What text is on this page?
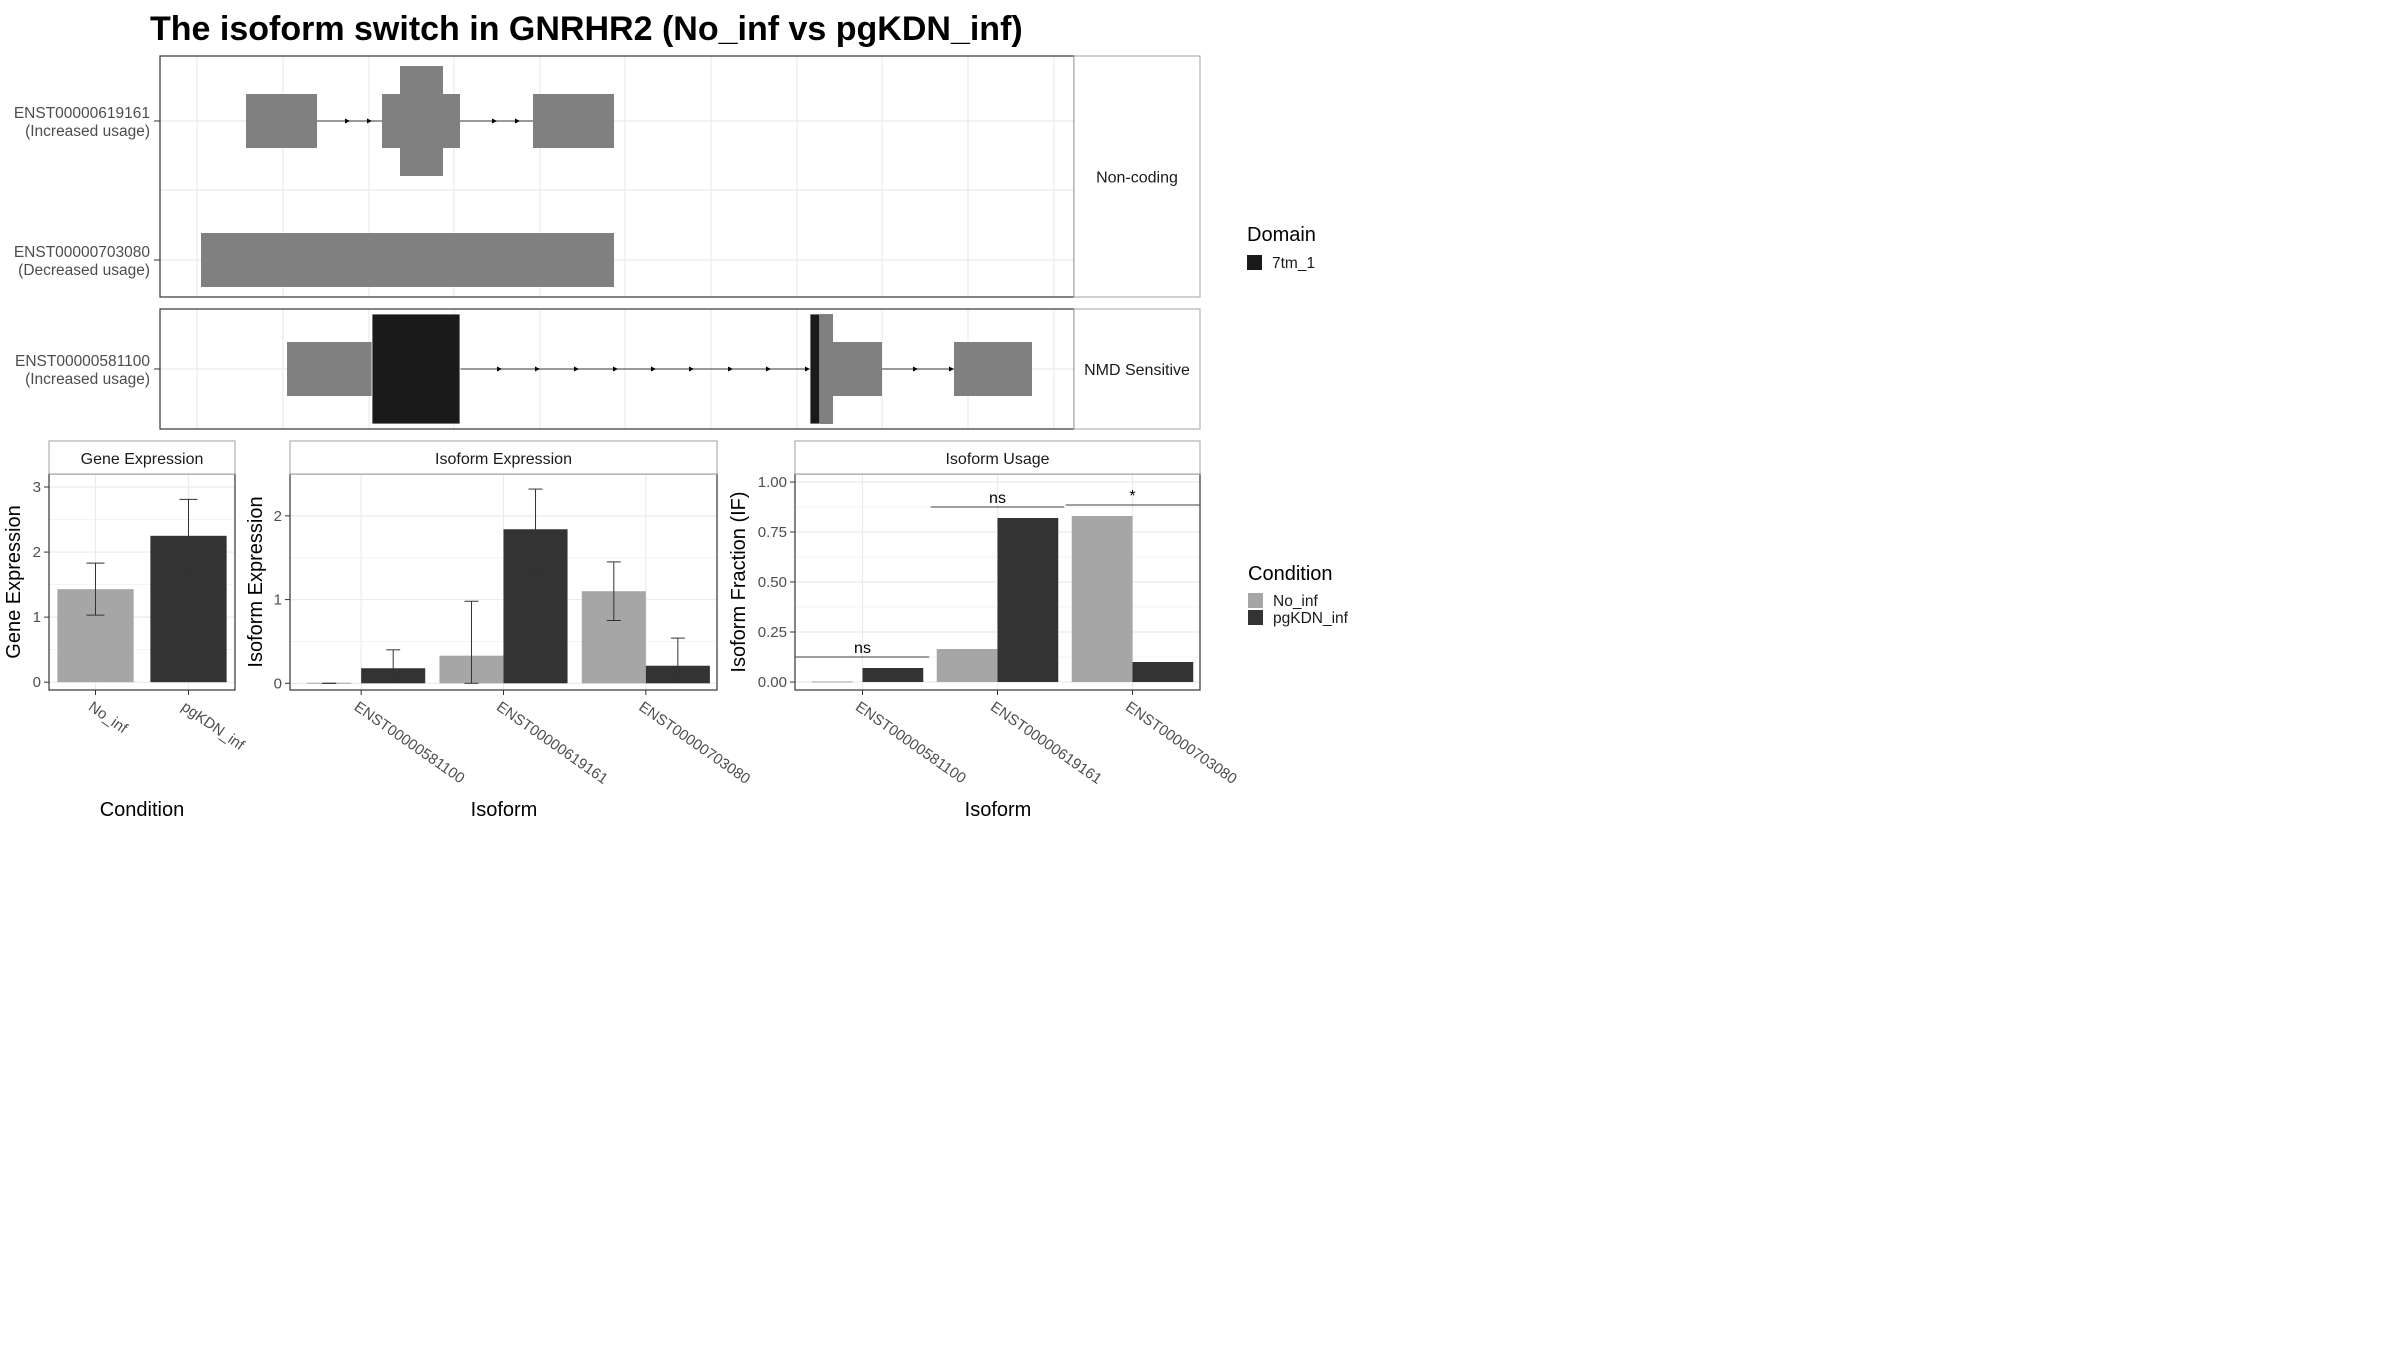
The isoform switch in GNRHR2 (No_inf vs pgKDN_inf)
ENST00000619161
(Increased usage)
ENST00000703080
(Decreased usage)
Non-coding
ENST00000581100
(Increased usage)
NMD Sensitive
Domain
7tm_1
Condition
No_inf
pgKDN_inf
Gene Expression
0
1
2
3
No_inf	pgKDN_inf
Condition
Gene Expression
Isoform Expression
0
1
2
ENST00000581100 ENST00000619161 ENST00000703080
Isoform
Isoform Expression	ns
ns	*
Isoform Usage
0.00
0.25
0.50
0.75
1.00
ENST00000581100 ENST00000619161 ENST00000703080
Isoform
Isoform Fraction (IF)
